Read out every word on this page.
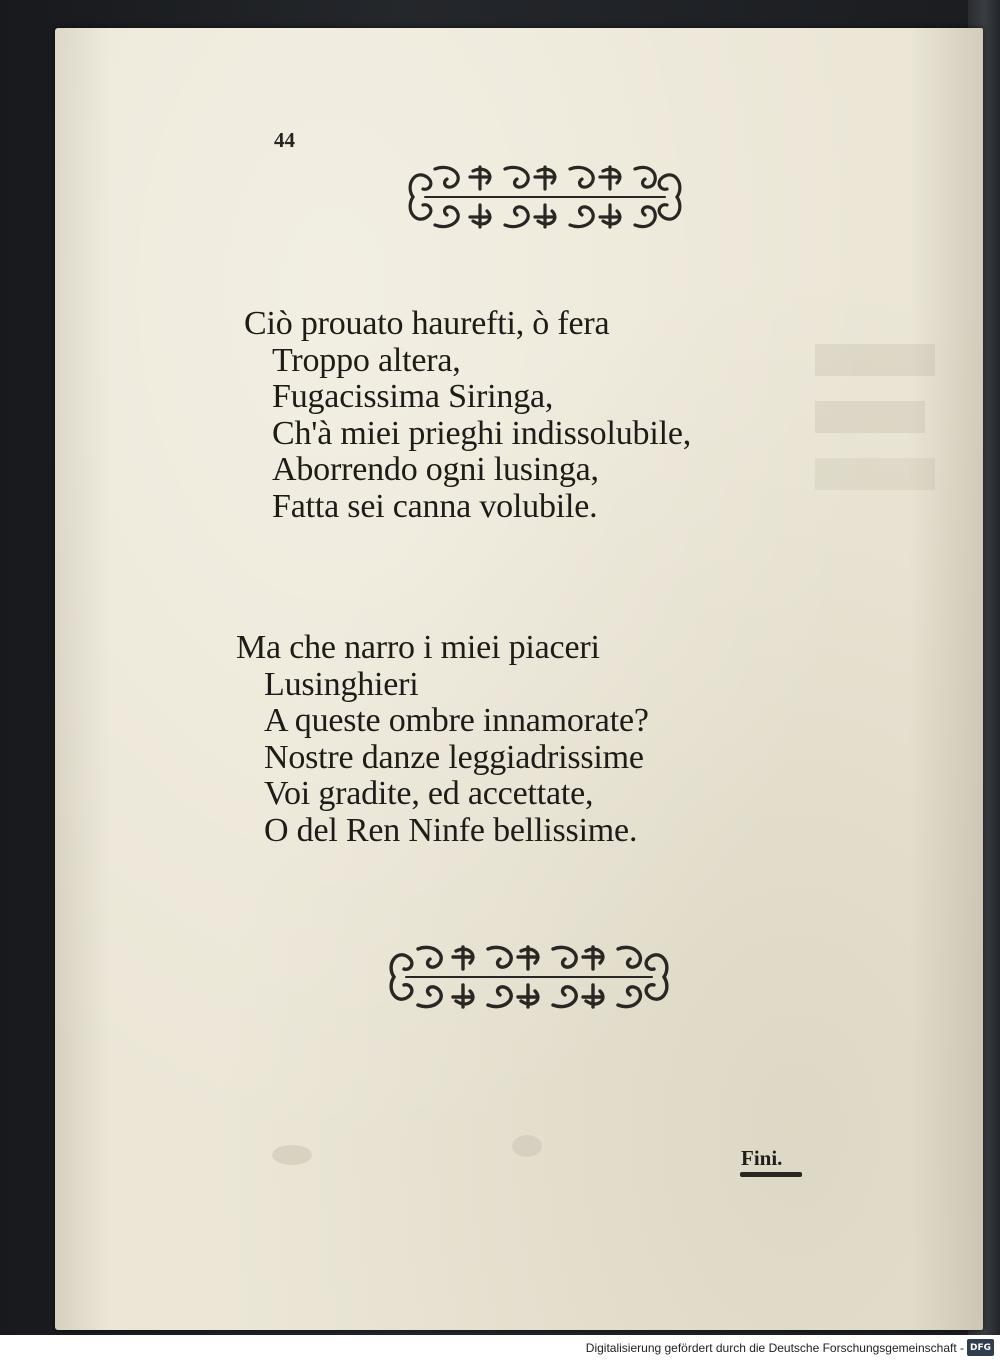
44
Ciò prouato haurefti, ò fera
Troppo altera,
Fugacissima Siringa,
Ch'à miei prieghi indissolubile,
Aborrendo ogni lusinga,
Fatta sei canna volubile.
Ma che narro i miei piaceri
Lusinghieri
A queste ombre innamorate?
Nostre danze leggiadrissime
Voi gradite, ed accettate,
O del Ren Ninfe bellissime.
Fini.
Digitalisierung gefördert durch die Deutsche Forschungsgemeinschaft - DFG
